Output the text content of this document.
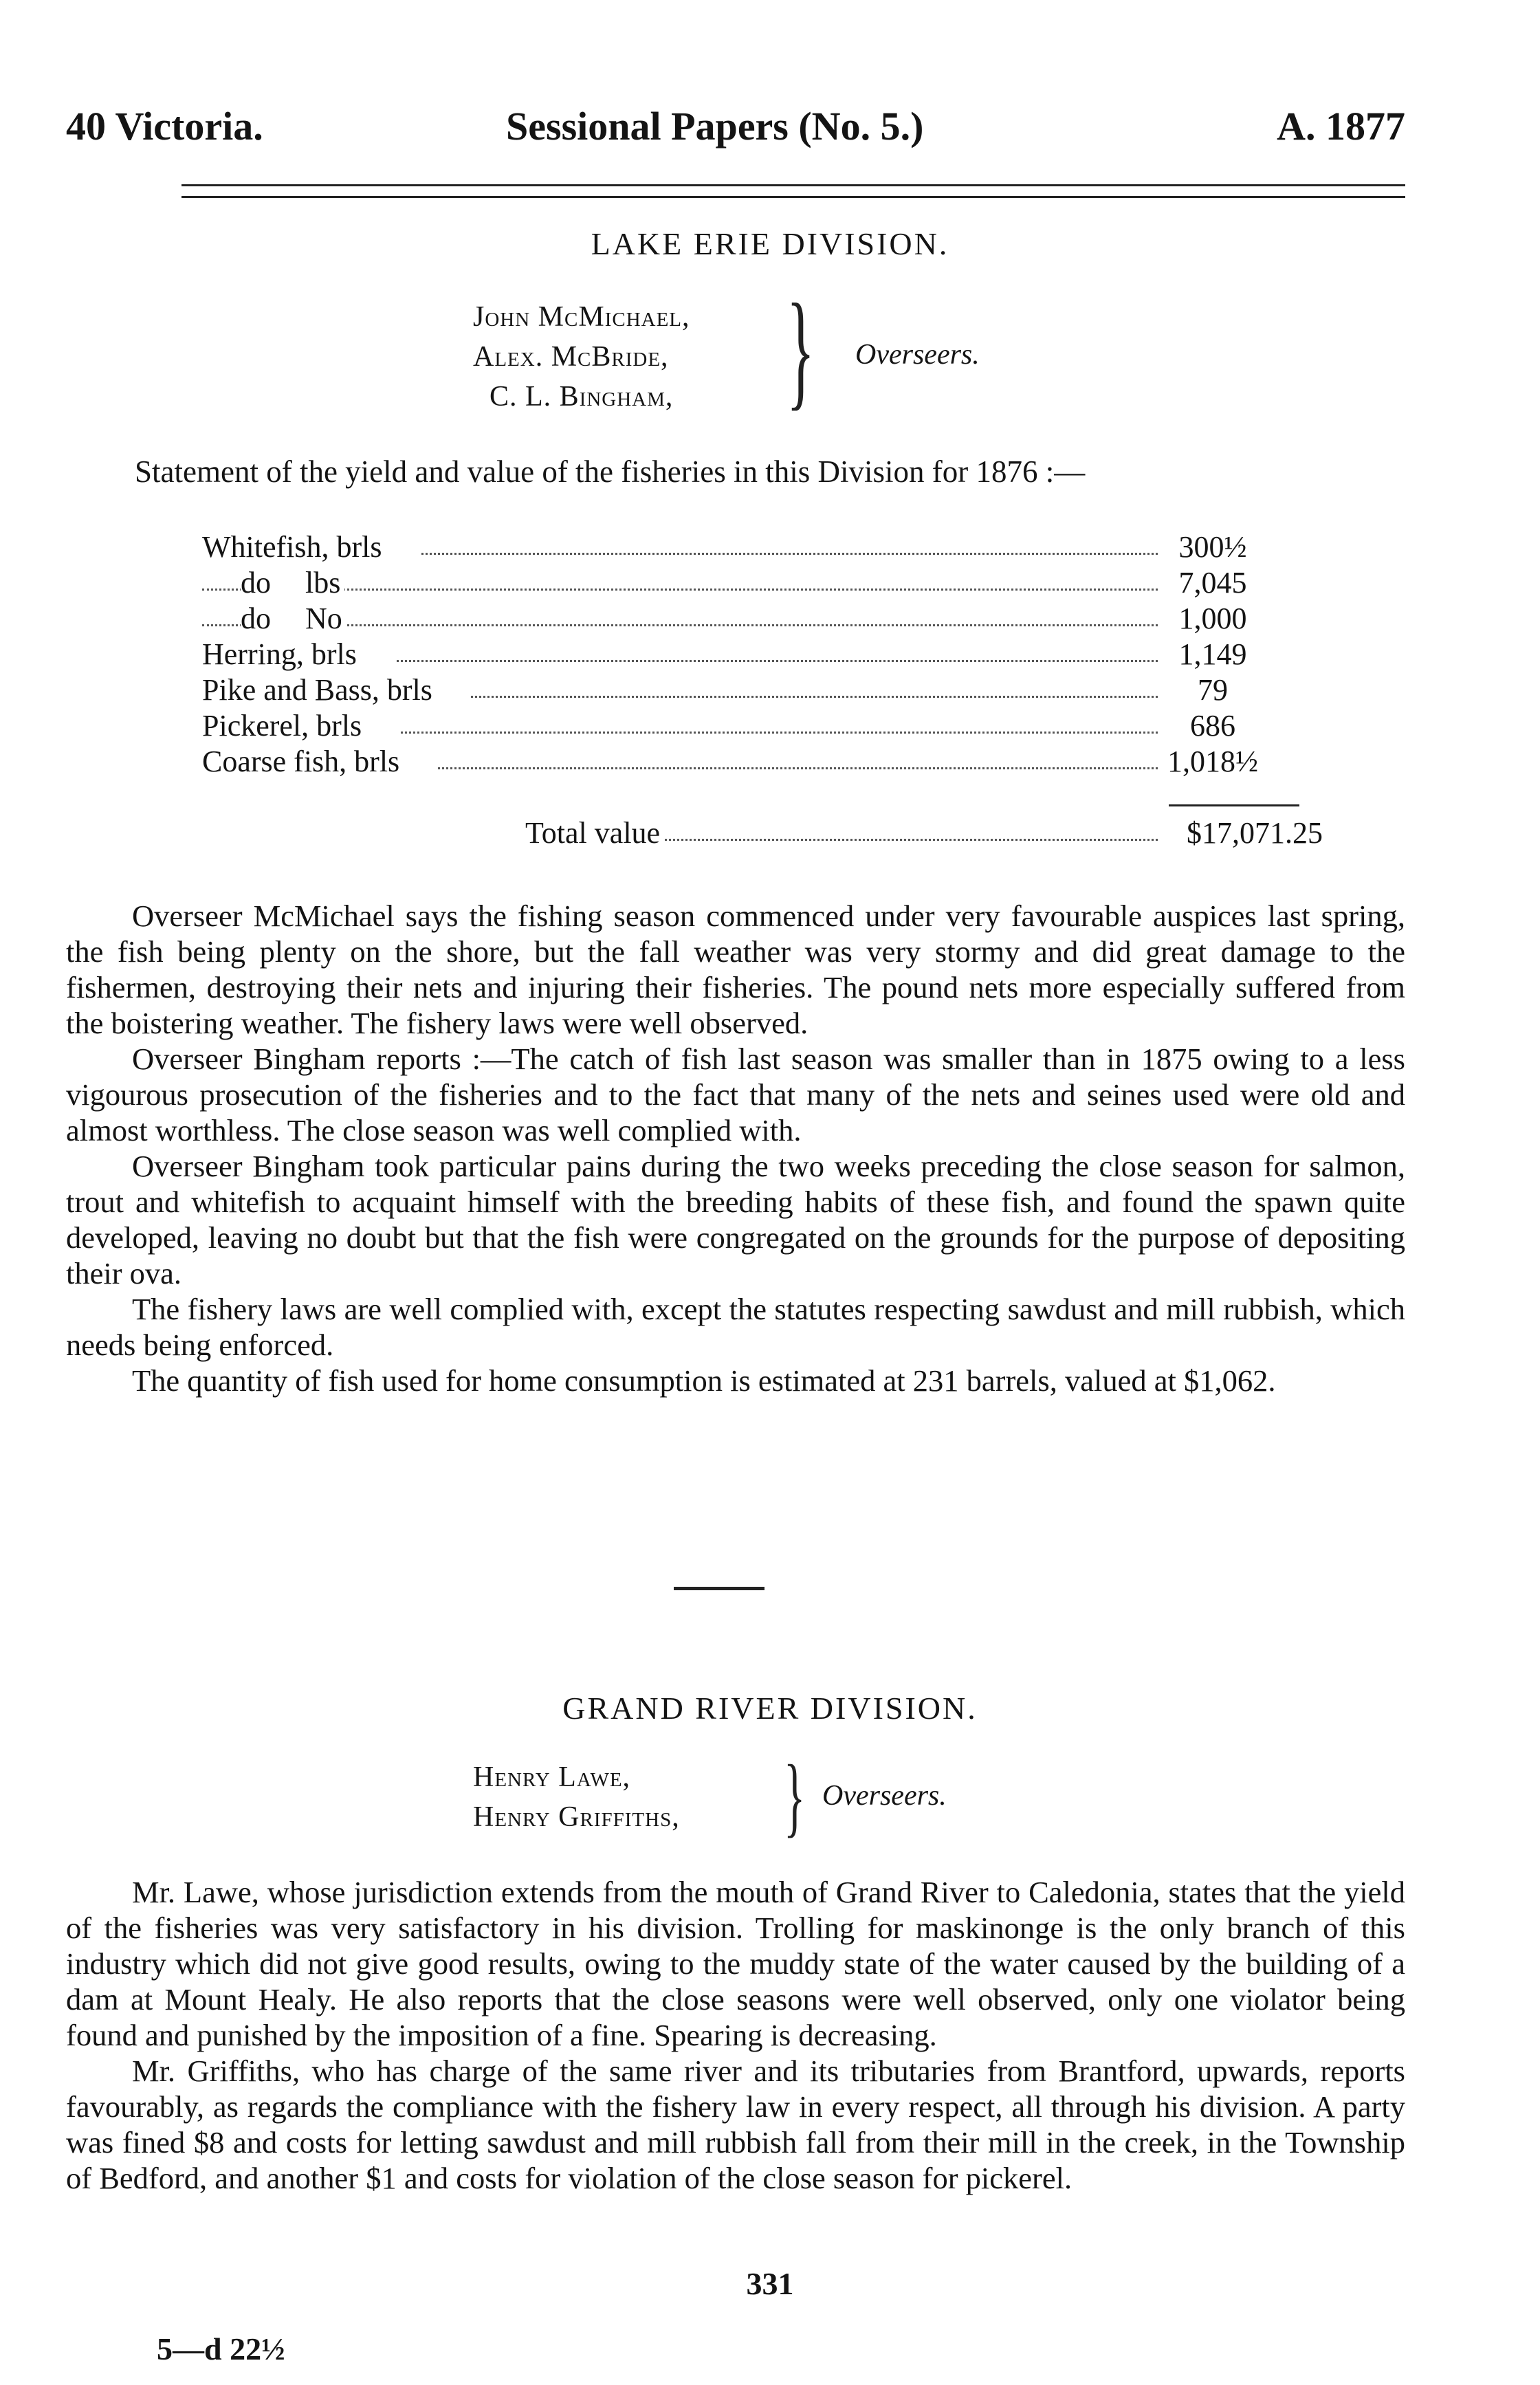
40 Victoria.	Sessional Papers (No. 5.)	A. 1877
LAKE ERIE DIVISION.
John McMichael,
Alex. McBride,
C. L. Bingham, } Overseers.
Statement of the yield and value of the fisheries in this Division for 1876 :—
Whitefish, brls	300½
do lbs	7,045
do No	1,000
Herring, brls	1,149
Pike and Bass, brls	79
Pickerel, brls	686
Coarse fish, brls	1,018½
Total value	$17,071.25

Overseer McMichael says the fishing season commenced under very favourable auspices last spring, the fish being plenty on the shore, but the fall weather was very stormy and did great damage to the fishermen, destroying their nets and injuring their fisheries. The pound nets more especially suffered from the boistering weather. The fishery laws were well observed.

Overseer Bingham reports :—The catch of fish last season was smaller than in 1875 owing to a less vigourous prosecution of the fisheries and to the fact that many of the nets and seines used were old and almost worthless. The close season was well complied with.

Overseer Bingham took particular pains during the two weeks preceding the close season for salmon, trout and whitefish to acquaint himself with the breeding habits of these fish, and found the spawn quite developed, leaving no doubt but that the fish were congregated on the grounds for the purpose of depositing their ova.

The fishery laws are well complied with, except the statutes respecting sawdust and mill rubbish, which needs being enforced.

The quantity of fish used for home consumption is estimated at 231 barrels, valued at $1,062.

GRAND RIVER DIVISION.
Henry Lawe,
Henry Griffiths, } Overseers.

Mr. Lawe, whose jurisdiction extends from the mouth of Grand River to Caledonia, states that the yield of the fisheries was very satisfactory in his division. Trolling for maskinonge is the only branch of this industry which did not give good results, owing to the muddy state of the water caused by the building of a dam at Mount Healy. He also reports that the close seasons were well observed, only one violator being found and punished by the imposition of a fine. Spearing is decreasing.

Mr. Griffiths, who has charge of the same river and its tributaries from Brantford, upwards, reports favourably, as regards the compliance with the fishery law in every respect, all through his division. A party was fined $8 and costs for letting sawdust and mill rubbish fall from their mill in the creek, in the Township of Bedford, and another $1 and costs for violation of the close season for pickerel.

331
5—d 22½
